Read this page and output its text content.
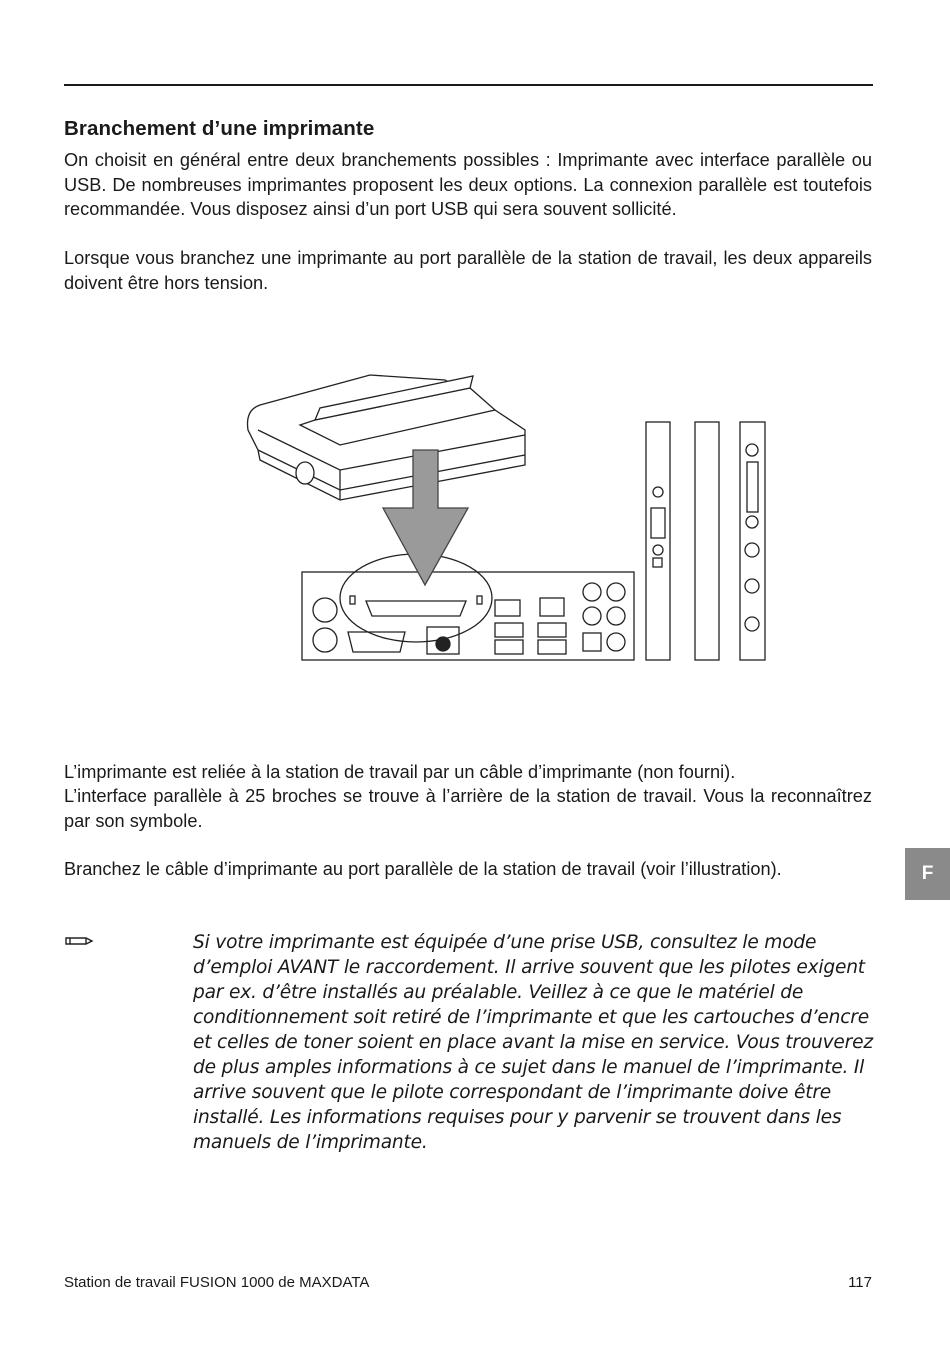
Branchement d’une imprimante

On choisit en général entre deux branchements possibles : Imprimante avec interface parallèle ou USB. De nombreuses imprimantes proposent les deux options. La connexion parallèle est toutefois recommandée. Vous disposez ainsi d’un port USB qui sera souvent sollicité.

Lorsque vous branchez une imprimante au port parallèle de la station de travail, les deux appareils doivent être hors tension.

L’imprimante est reliée à la station de travail par un câble d’imprimante (non fourni).

L’interface parallèle à 25 broches se trouve à l’arrière de la station de travail. Vous la reconnaîtrez par son symbole.

Branchez le câble d’imprimante au port parallèle de la station de travail (voir l’illustration).	F

Si votre imprimante est équipée d’une prise USB, consultez le mode d’emploi AVANT le raccordement. Il arrive souvent que les pilotes exigent par ex. d’être installés au préalable. Veillez à ce que le matériel de conditionnement soit retiré de l’imprimante et que les cartouches d’encre et celles de toner soient en place avant la mise en service. Vous trouverez de plus amples informations à ce sujet dans le manuel de l’imprimante. Il arrive souvent que le pilote correspondant de l’imprimante doive être installé. Les informations requises pour y parvenir se trouvent dans les manuels de l’imprimante.

Station de travail FUSION 1000 de MAXDATA	117
